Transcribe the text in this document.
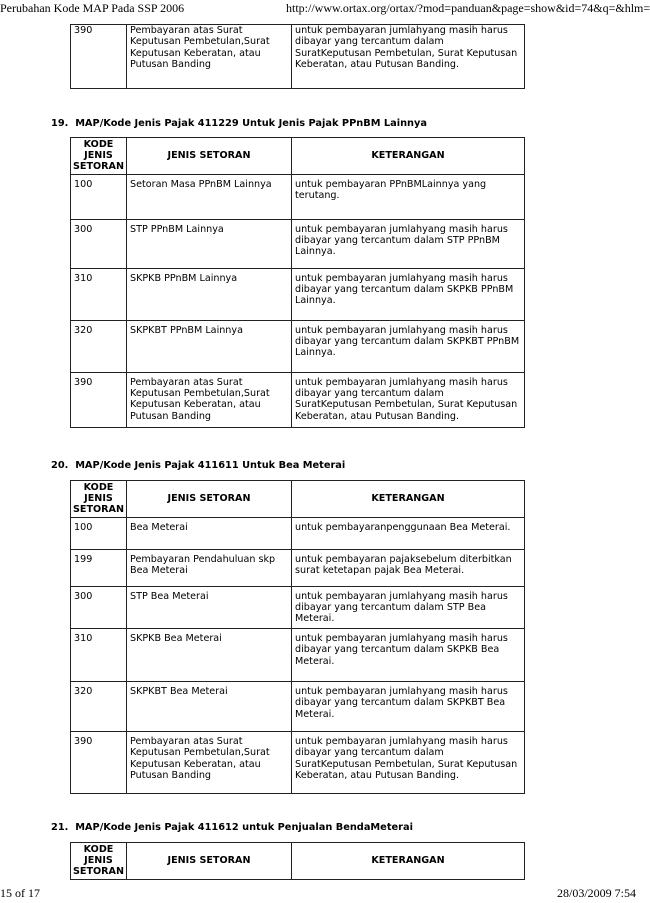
Perubahan Kode MAP Pada SSP 2006	http://www.ortax.org/ortax/?mod=panduan&page=show&id=74&q=&hlm=
390	Pembayaran atas Surat Keputusan Pembetulan,Surat Keputusan Keberatan, atau Putusan Banding	untuk pembayaran jumlahyang masih harus dibayar yang tercantum dalam SuratKeputusan Pembetulan, Surat Keputusan Keberatan, atau Putusan Banding.
19. MAP/Kode Jenis Pajak 411229 Untuk Jenis Pajak PPnBM Lainnya
KODE JENIS SETORAN	JENIS SETORAN	KETERANGAN
100	Setoran Masa PPnBM Lainnya	untuk pembayaran PPnBMLainnya yang terutang.
300	STP PPnBM Lainnya	untuk pembayaran jumlahyang masih harus dibayar yang tercantum dalam STP PPnBM Lainnya.
310	SKPKB PPnBM Lainnya	untuk pembayaran jumlahyang masih harus dibayar yang tercantum dalam SKPKB PPnBM Lainnya.
320	SKPKBT PPnBM Lainnya	untuk pembayaran jumlahyang masih harus dibayar yang tercantum dalam SKPKBT PPnBM Lainnya.
390	Pembayaran atas Surat Keputusan Pembetulan,Surat Keputusan Keberatan, atau Putusan Banding	untuk pembayaran jumlahyang masih harus dibayar yang tercantum dalam SuratKeputusan Pembetulan, Surat Keputusan Keberatan, atau Putusan Banding.
20. MAP/Kode Jenis Pajak 411611 Untuk Bea Meterai
KODE JENIS SETORAN	JENIS SETORAN	KETERANGAN
100	Bea Meterai	untuk pembayaranpenggunaan Bea Meterai.
199	Pembayaran Pendahuluan skp Bea Meterai	untuk pembayaran pajaksebelum diterbitkan surat ketetapan pajak Bea Meterai.
300	STP Bea Meterai	untuk pembayaran jumlahyang masih harus dibayar yang tercantum dalam STP Bea Meterai.
310	SKPKB Bea Meterai	untuk pembayaran jumlahyang masih harus dibayar yang tercantum dalam SKPKB Bea Meterai.
320	SKPKBT Bea Meterai	untuk pembayaran jumlahyang masih harus dibayar yang tercantum dalam SKPKBT Bea Meterai.
390	Pembayaran atas Surat Keputusan Pembetulan,Surat Keputusan Keberatan, atau Putusan Banding	untuk pembayaran jumlahyang masih harus dibayar yang tercantum dalam SuratKeputusan Pembetulan, Surat Keputusan Keberatan, atau Putusan Banding.
21. MAP/Kode Jenis Pajak 411612 untuk Penjualan BendaMeterai
KODE JENIS SETORAN	JENIS SETORAN	KETERANGAN
15 of 17	28/03/2009 7:54
